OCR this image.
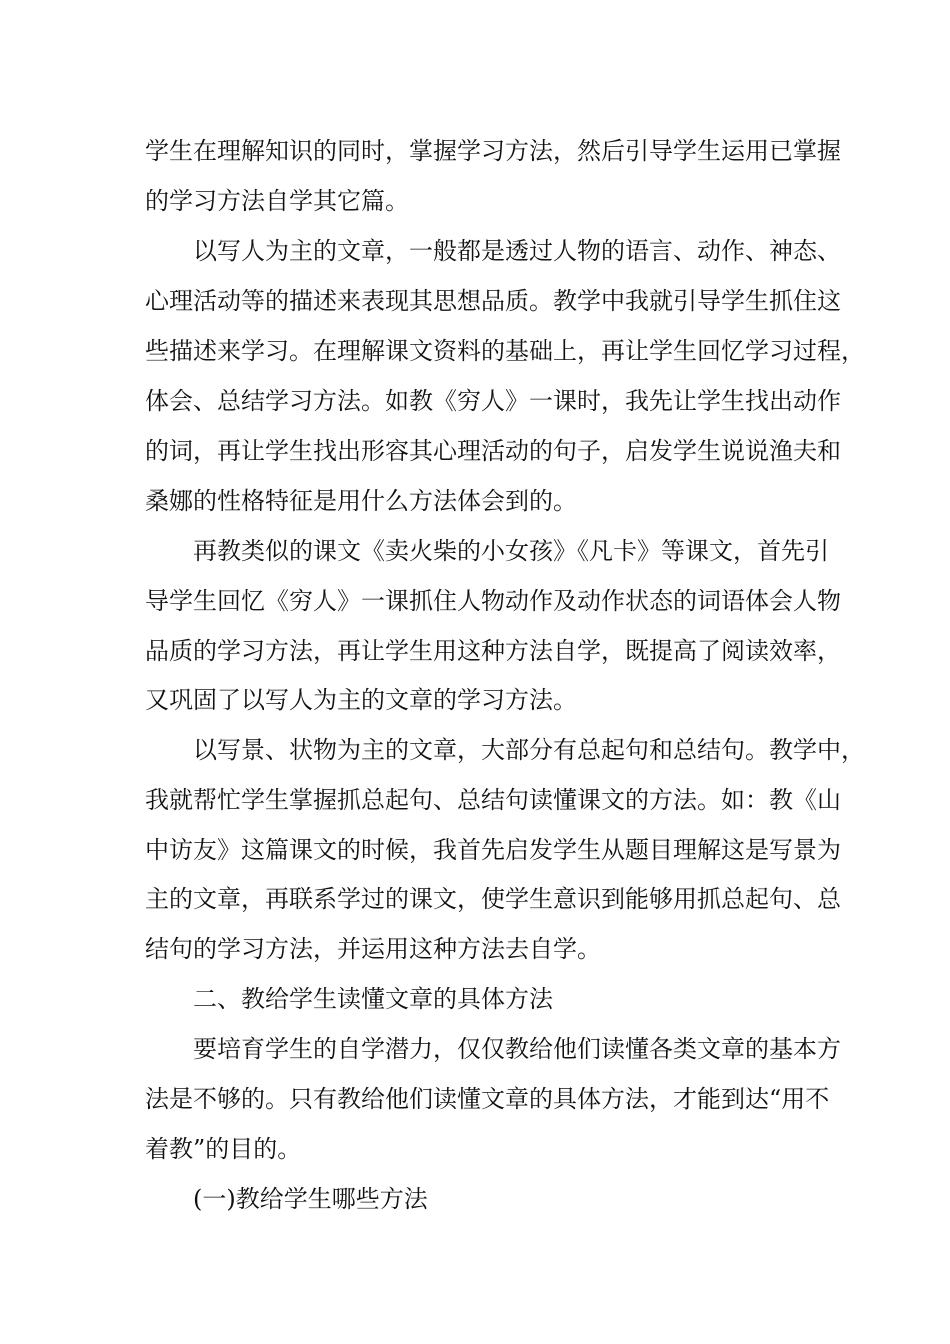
学生在理解知识的同时，掌握学习方法，然后引导学生运用已掌握
的学习方法自学其它篇。
以写人为主的文章，一般都是透过人物的语言、动作、神态、
心理活动等的描述来表现其思想品质。教学中我就引导学生抓住这
些描述来学习。在理解课文资料的基础上，再让学生回忆学习过程，
体会、总结学习方法。如教《穷人》一课时，我先让学生找出动作
的词，再让学生找出形容其心理活动的句子，启发学生说说渔夫和
桑娜的性格特征是用什么方法体会到的。
再教类似的课文《卖火柴的小女孩》《凡卡》等课文，首先引
导学生回忆《穷人》一课抓住人物动作及动作状态的词语体会人物
品质的学习方法，再让学生用这种方法自学，既提高了阅读效率，
又巩固了以写人为主的文章的学习方法。
以写景、状物为主的文章，大部分有总起句和总结句。教学中，
我就帮忙学生掌握抓总起句、总结句读懂课文的方法。如：教《山
中访友》这篇课文的时候，我首先启发学生从题目理解这是写景为
主的文章，再联系学过的课文，使学生意识到能够用抓总起句、总
结句的学习方法，并运用这种方法去自学。
二、教给学生读懂文章的具体方法
要培育学生的自学潜力，仅仅教给他们读懂各类文章的基本方
法是不够的。只有教给他们读懂文章的具体方法，才能到达“用不
着教”的目的。
(一)教给学生哪些方法
